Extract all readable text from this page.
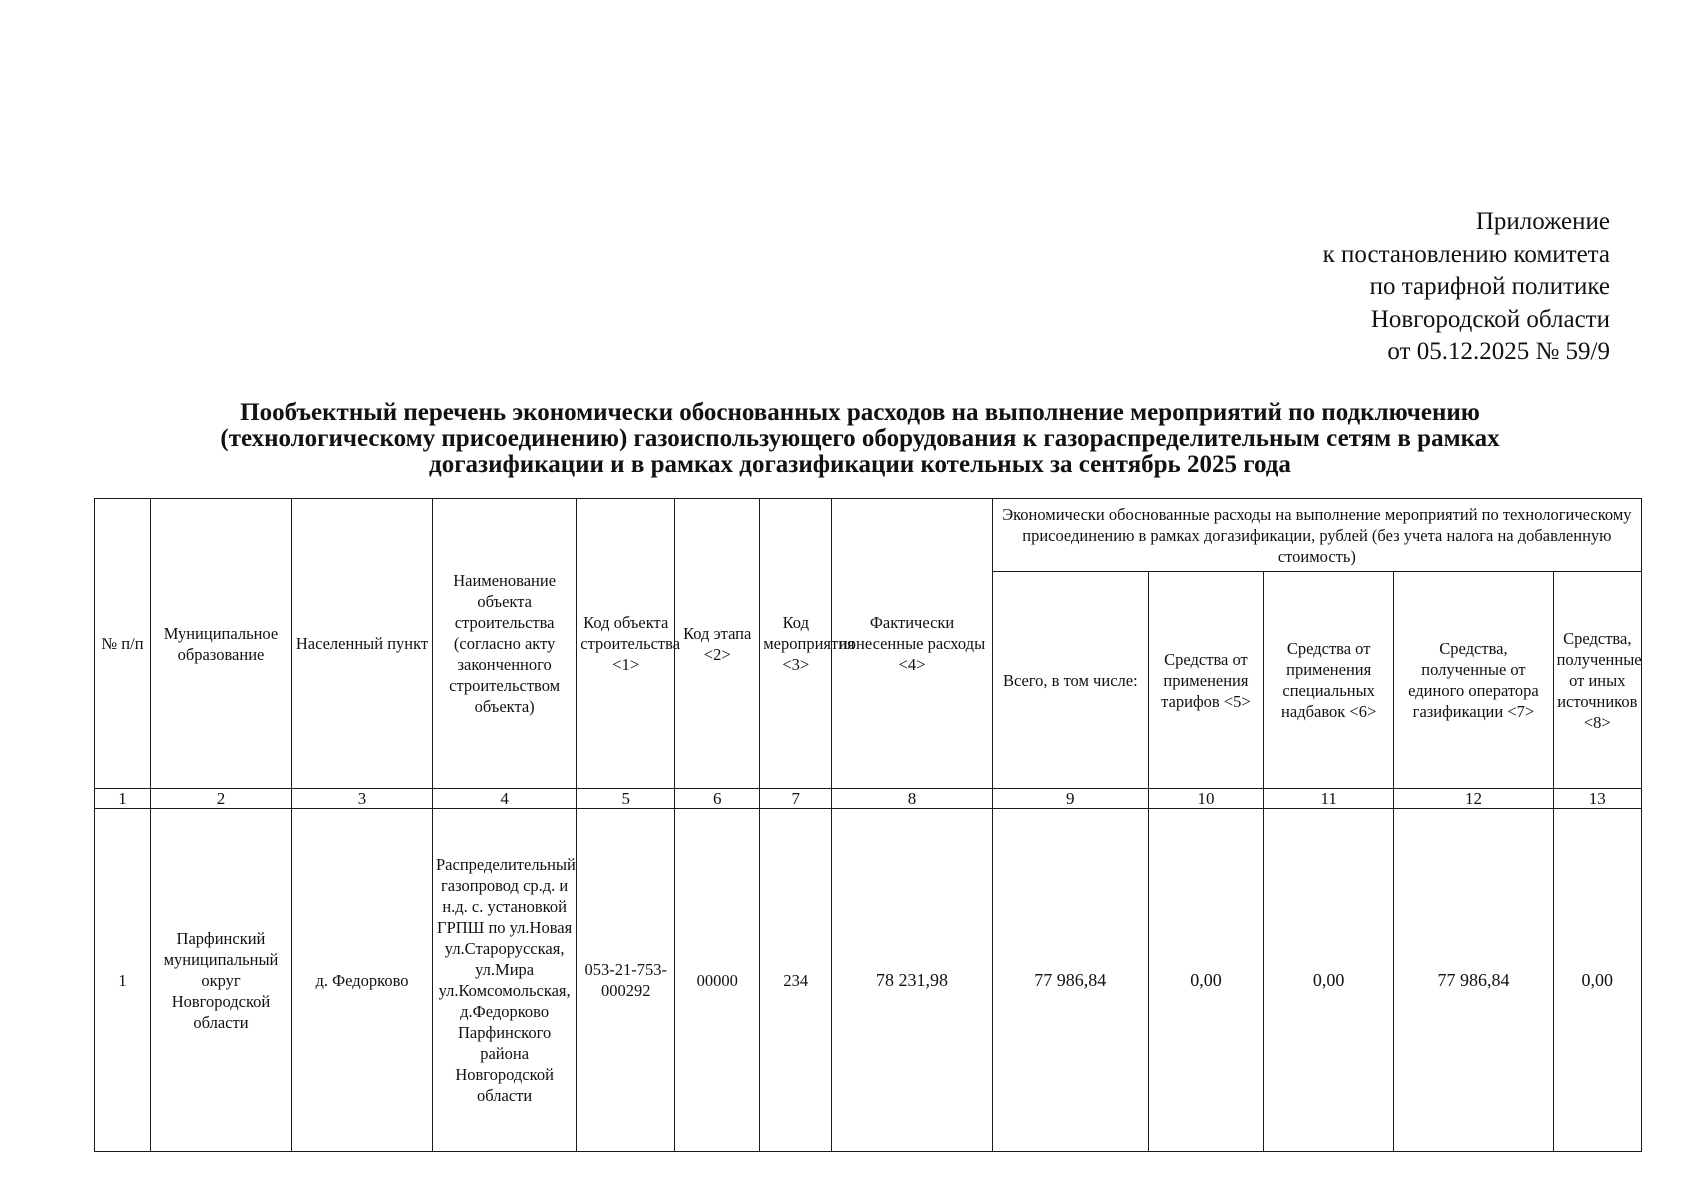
Приложение
к постановлению комитета
по тарифной политике
Новгородской области
от 05.12.2025 № 59/9
Пообъектный перечень экономически обоснованных расходов на выполнение мероприятий по подключению
(технологическому присоединению) газоиспользующего оборудования к газораспределительным сетям в рамках
догазификации и в рамках догазификации котельных за сентябрь 2025 года
№ п/п	Муниципальное образование	Населенный пункт	Наименование объекта строительства (согласно акту законченного строительством объекта)	Код объекта строительства <1>	Код этапа <2>	Код мероприятия <3>	Фактически понесенные расходы <4>	Экономически обоснованные расходы на выполнение мероприятий по технологическому присоединению в рамках догазификации, рублей (без учета налога на добавленную стоимость)				
								Всего, в том числе:	Средства от применения тарифов <5>	Средства от применения специальных надбавок <6>	Средства, полученные от единого оператора газификации <7>	Средства, полученные от иных источников <8>
1	2	3	4	5	6	7	8	9	10	11	12	13
1	Парфинский муниципальный округ Новгородской области	д. Федорково	Распределительный газопровод ср.д. и н.д. с. установкой ГРПШ по ул.Новая ул.Старорусская, ул.Мира ул.Комсомольская, д.Федорково Парфинского района Новгородской области	053-21-753-000292	00000	234	78 231,98	77 986,84	0,00	0,00	77 986,84	0,00
